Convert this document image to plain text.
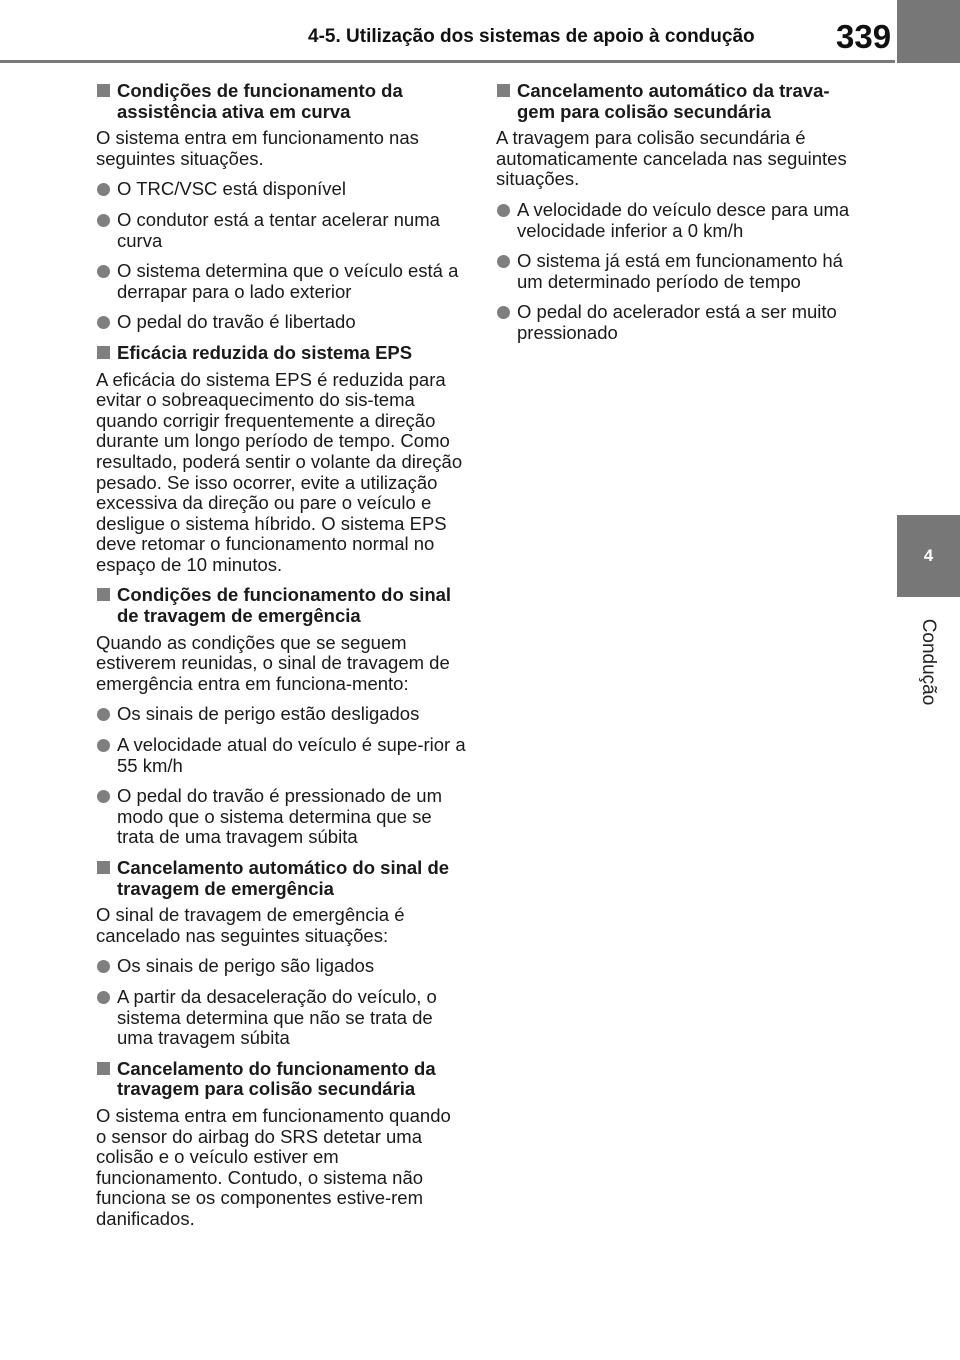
4-5. Utilização dos sistemas de apoio à condução 339
4
Condução
Condições de funcionamento da assistência ativa em curva
O sistema entra em funcionamento nas seguintes situações.
O TRC/VSC está disponível
O condutor está a tentar acelerar numa curva
O sistema determina que o veículo está a derrapar para o lado exterior
O pedal do travão é libertado
Eficácia reduzida do sistema EPS
A eficácia do sistema EPS é reduzida para evitar o sobreaquecimento do sis-tema quando corrigir frequentemente a direção durante um longo período de tempo. Como resultado, poderá sentir o volante da direção pesado. Se isso ocorrer, evite a utilização excessiva da direção ou pare o veículo e desligue o sistema híbrido. O sistema EPS deve retomar o funcionamento normal no espaço de 10 minutos.
Condições de funcionamento do sinal de travagem de emergência
Quando as condições que se seguem estiverem reunidas, o sinal de travagem de emergência entra em funciona-mento:
Os sinais de perigo estão desligados
A velocidade atual do veículo é supe-rior a 55 km/h
O pedal do travão é pressionado de um modo que o sistema determina que se trata de uma travagem súbita
Cancelamento automático do sinal de travagem de emergência
O sinal de travagem de emergência é cancelado nas seguintes situações:
Os sinais de perigo são ligados
A partir da desaceleração do veículo, o sistema determina que não se trata de uma travagem súbita
Cancelamento do funcionamento da travagem para colisão secundária
O sistema entra em funcionamento quando o sensor do airbag do SRS detetar uma colisão e o veículo estiver em funcionamento. Contudo, o sistema não funciona se os componentes estive-rem danificados.
Cancelamento automático da trava-gem para colisão secundária
A travagem para colisão secundária é automaticamente cancelada nas seguintes situações.
A velocidade do veículo desce para uma velocidade inferior a 0 km/h
O sistema já está em funcionamento há um determinado período de tempo
O pedal do acelerador está a ser muito pressionado
